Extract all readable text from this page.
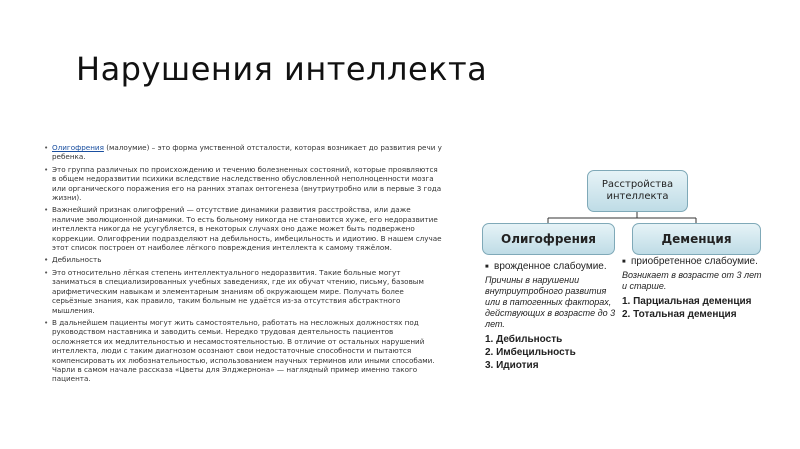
Нарушения интеллекта
• Олигофрения (малоумие) – это форма умственной отсталости, которая возникает до развития речи у ребенка.
• Это группа различных по происхождению и течению болезненных состояний, которые проявляются в общем недоразвитии психики вследствие наследственно обусловленной неполноценности мозга или органического поражения его на ранних этапах онтогенеза (внутриутробно или в первые 3 года жизни).
• Важнейший признак олигофрений — отсутствие динамики развития расстройства, или даже наличие эволюционной динамики. То есть больному никогда не становится хуже, его недоразвитие интеллекта никогда не усугубляется, в некоторых случаях оно даже может быть подвержено коррекции. Олигофрении подразделяют на дебильность, имбецильность и идиотию. В нашем случае этот список построен от наиболее лёгкого повреждения интеллекта к самому тяжёлом.
• Дебильность
• Это относительно лёгкая степень интеллектуального недоразвития. Такие больные могут заниматься в специализированных учебных заведениях, где их обучат чтению, письму, базовым арифметическим навыкам и элементарным знаниям об окружающем мире. Получать более серьёзные знания, как правило, таким больным не удаётся из-за отсутствия абстрактного мышления.
• В дальнейшем пациенты могут жить самостоятельно, работать на несложных должностях под руководством наставника и заводить семьи. Нередко трудовая деятельность пациентов осложняется их медлительностью и несамостоятельностью. В отличие от остальных нарушений интеллекта, люди с таким диагнозом осознают свои недостаточные способности и пытаются компенсировать их любознательностью, использованием научных терминов или иными способами. Чарли в самом начале рассказа «Цветы для Элджернона» — наглядный пример именно такого пациента.
Расстройства интеллекта
Олигофрения	Деменция
■ врожденное слабоумие.
Причины в нарушении внутриутробного развития или в патогенных факторах, действующих в возрасте до 3 лет.
1. Дебильность
2. Имбецильность
3. Идиотия
■ приобретенное слабоумие.
Возникает в возрасте от 3 лет и старше.
1. Парциальная деменция
2. Тотальная деменция
